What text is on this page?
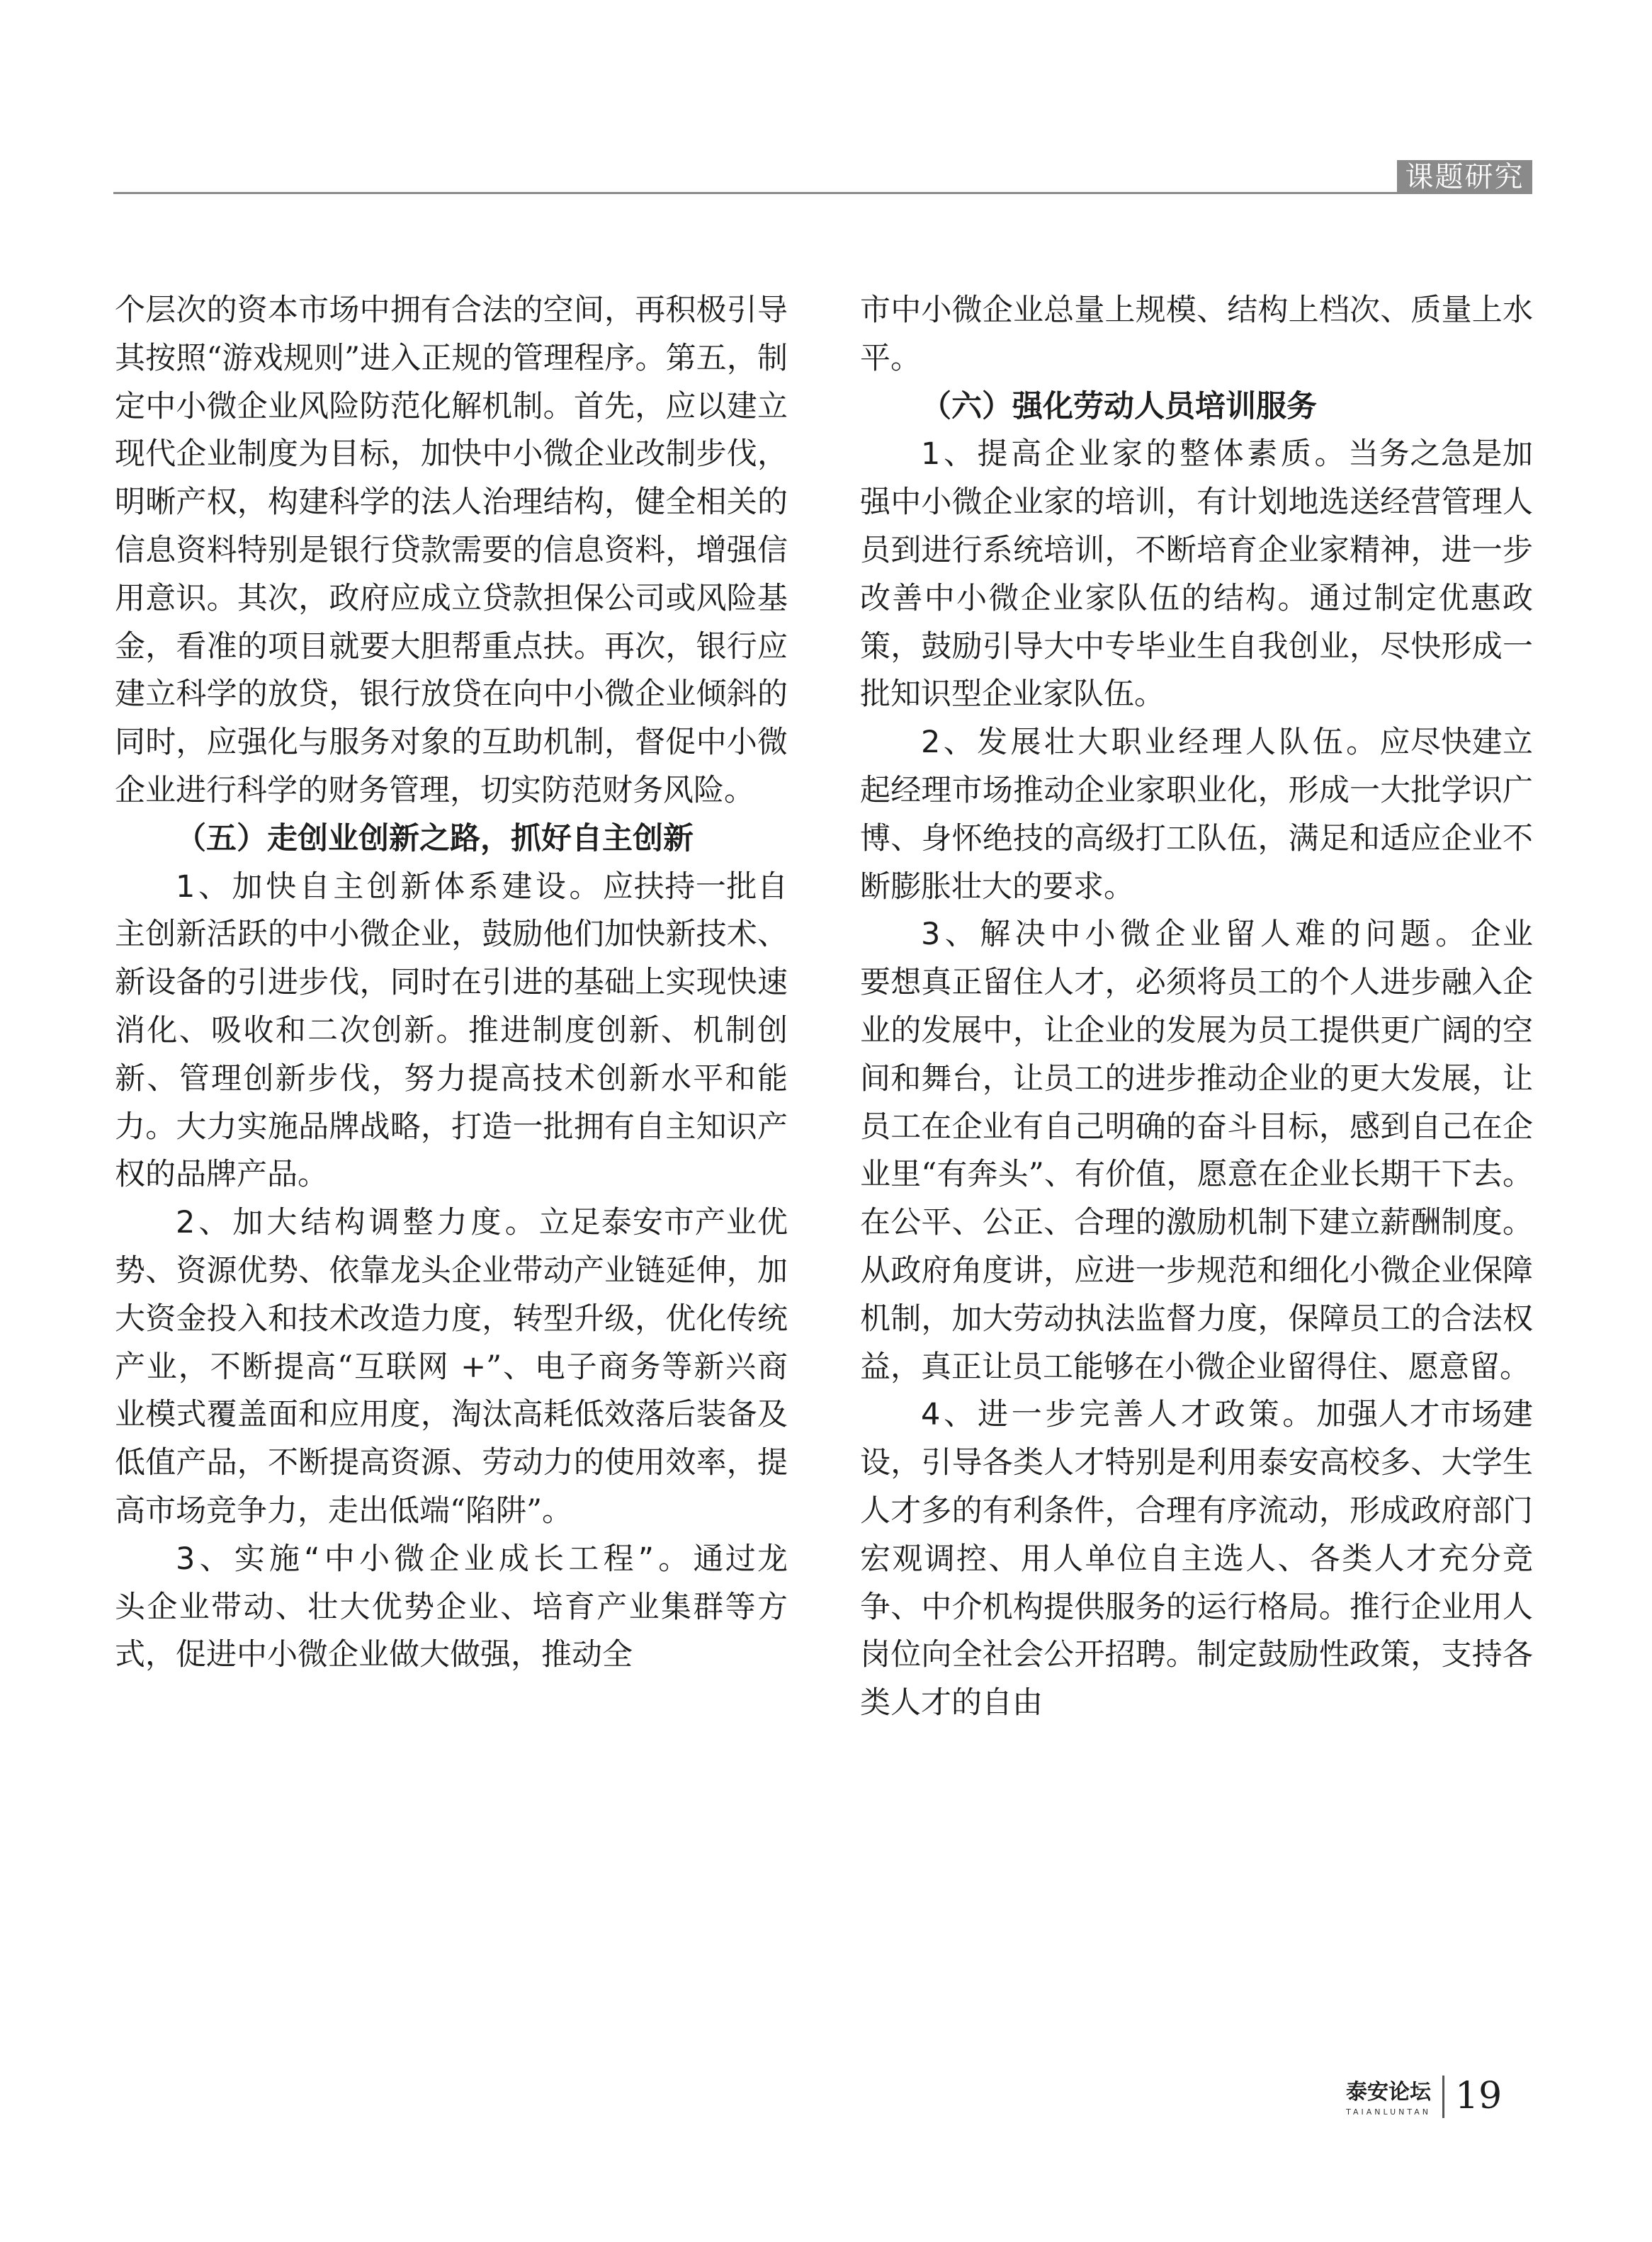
课题研究

个层次的资本市场中拥有合法的空间，再积极引导其按照“游戏规则”进入正规的管理程序。第五，制定中小微企业风险防范化解机制。首先，应以建立现代企业制度为目标，加快中小微企业改制步伐，明晰产权，构建科学的法人治理结构，健全相关的信息资料特别是银行贷款需要的信息资料，增强信用意识。其次，政府应成立贷款担保公司或风险基金，看准的项目就要大胆帮重点扶。再次，银行应建立科学的放贷，银行放贷在向中小微企业倾斜的同时，应强化与服务对象的互助机制，督促中小微企业进行科学的财务管理，切实防范财务风险。

（五）走创业创新之路，抓好自主创新

1、加快自主创新体系建设。应扶持一批自主创新活跃的中小微企业，鼓励他们加快新技术、新设备的引进步伐，同时在引进的基础上实现快速消化、吸收和二次创新。推进制度创新、机制创新、管理创新步伐，努力提高技术创新水平和能力。大力实施品牌战略，打造一批拥有自主知识产权的品牌产品。

2、加大结构调整力度。立足泰安市产业优势、资源优势、依靠龙头企业带动产业链延伸，加大资金投入和技术改造力度，转型升级，优化传统产业，不断提高“互联网 +”、电子商务等新兴商业模式覆盖面和应用度，淘汰高耗低效落后装备及低值产品，不断提高资源、劳动力的使用效率，提高市场竞争力，走出低端“陷阱”。

3、实施“中小微企业成长工程”。通过龙头企业带动、壮大优势企业、培育产业集群等方式，促进中小微企业做大做强，推动全

市中小微企业总量上规模、结构上档次、质量上水平。

（六）强化劳动人员培训服务

1、提高企业家的整体素质。当务之急是加强中小微企业家的培训，有计划地选送经营管理人员到进行系统培训，不断培育企业家精神，进一步改善中小微企业家队伍的结构。通过制定优惠政策，鼓励引导大中专毕业生自我创业，尽快形成一批知识型企业家队伍。

2、发展壮大职业经理人队伍。应尽快建立起经理市场推动企业家职业化，形成一大批学识广博、身怀绝技的高级打工队伍，满足和适应企业不断膨胀壮大的要求。

3、解决中小微企业留人难的问题。企业要想真正留住人才，必须将员工的个人进步融入企业的发展中，让企业的发展为员工提供更广阔的空间和舞台，让员工的进步推动企业的更大发展，让员工在企业有自己明确的奋斗目标，感到自己在企业里“有奔头”、有价值，愿意在企业长期干下去。在公平、公正、合理的激励机制下建立薪酬制度。从政府角度讲，应进一步规范和细化小微企业保障机制，加大劳动执法监督力度，保障员工的合法权益，真正让员工能够在小微企业留得住、愿意留。

4、进一步完善人才政策。加强人才市场建设，引导各类人才特别是利用泰安高校多、大学生人才多的有利条件，合理有序流动，形成政府部门宏观调控、用人单位自主选人、各类人才充分竞争、中介机构提供服务的运行格局。推行企业用人岗位向全社会公开招聘。制定鼓励性政策，支持各类人才的自由

泰安论坛
TAIANLUNTAN 19
